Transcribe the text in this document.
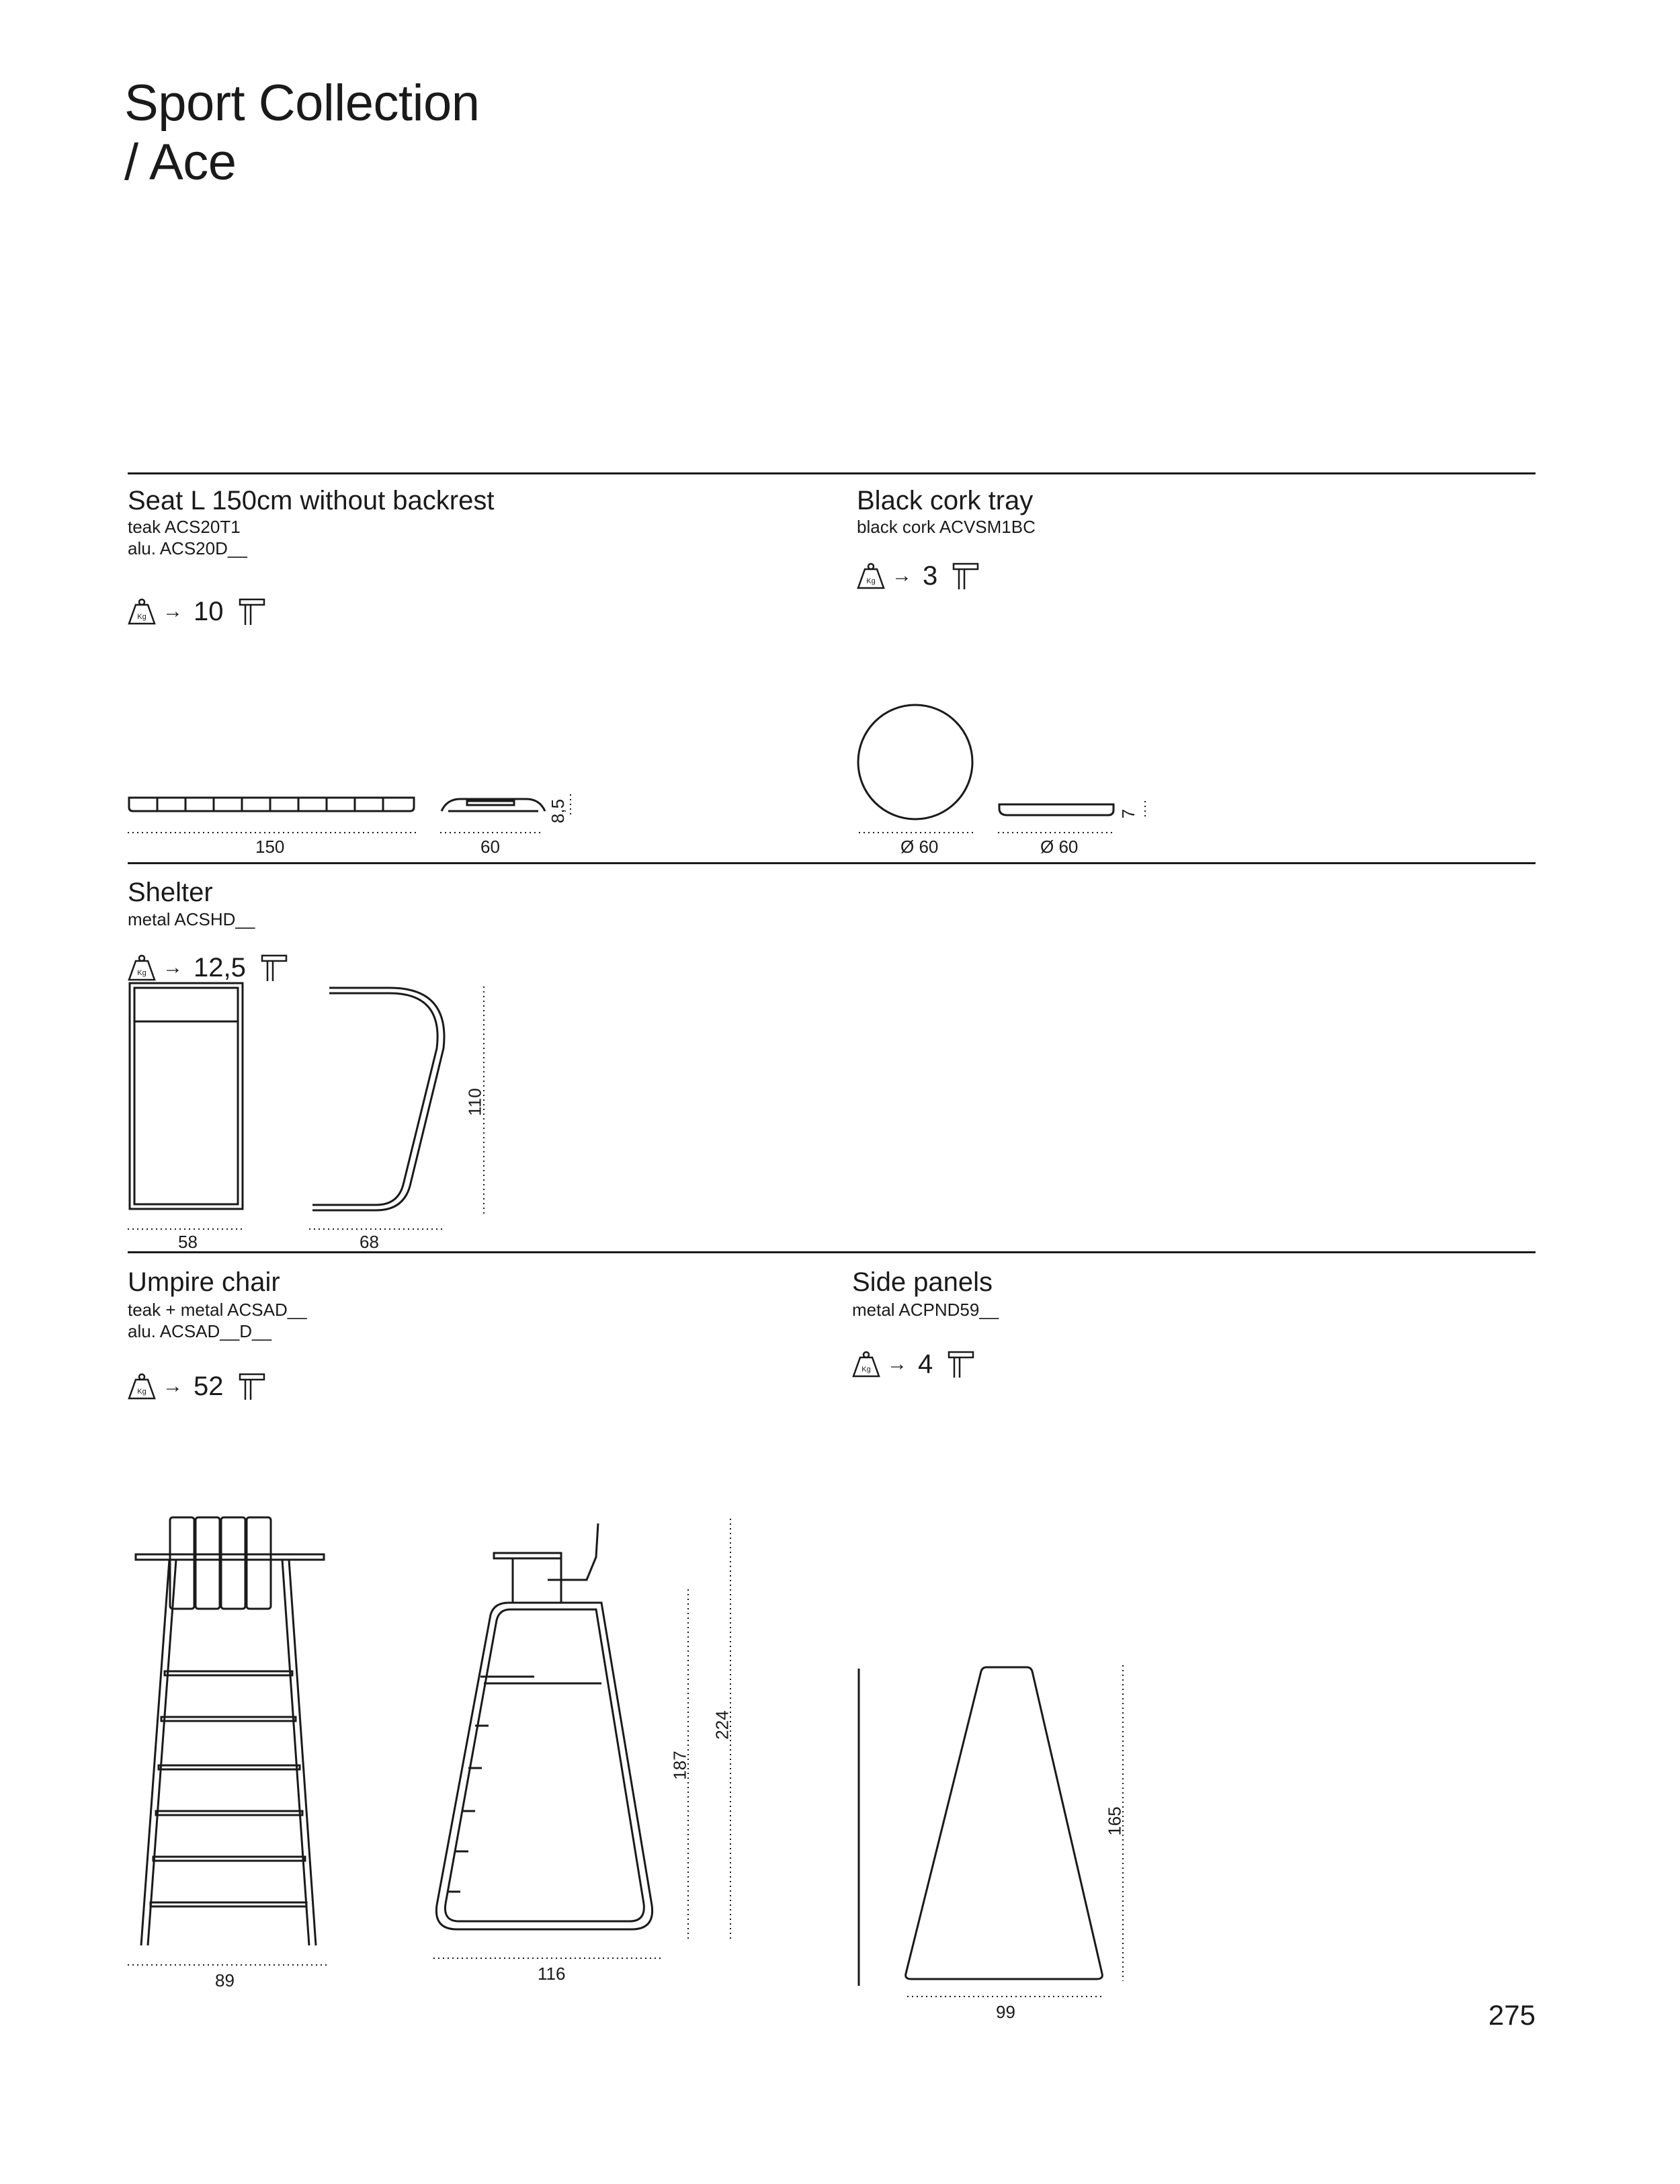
Sport Collection
/ Ace
Seat L 150cm without backrest
teak ACS20T1
alu. ACS20D__
Kg → 10
150	60
8,5
Black cork tray
black cork ACVSM1BC
Kg → 3
Ø 60	Ø 60
7
Shelter
metal ACSHD__
Kg → 12,5
58	68
110
Umpire chair
teak + metal ACSAD__
alu. ACSAD__D__
Kg → 52
89	116
187
224
Side panels
metal ACPND59__
Kg → 4
99
165
275
